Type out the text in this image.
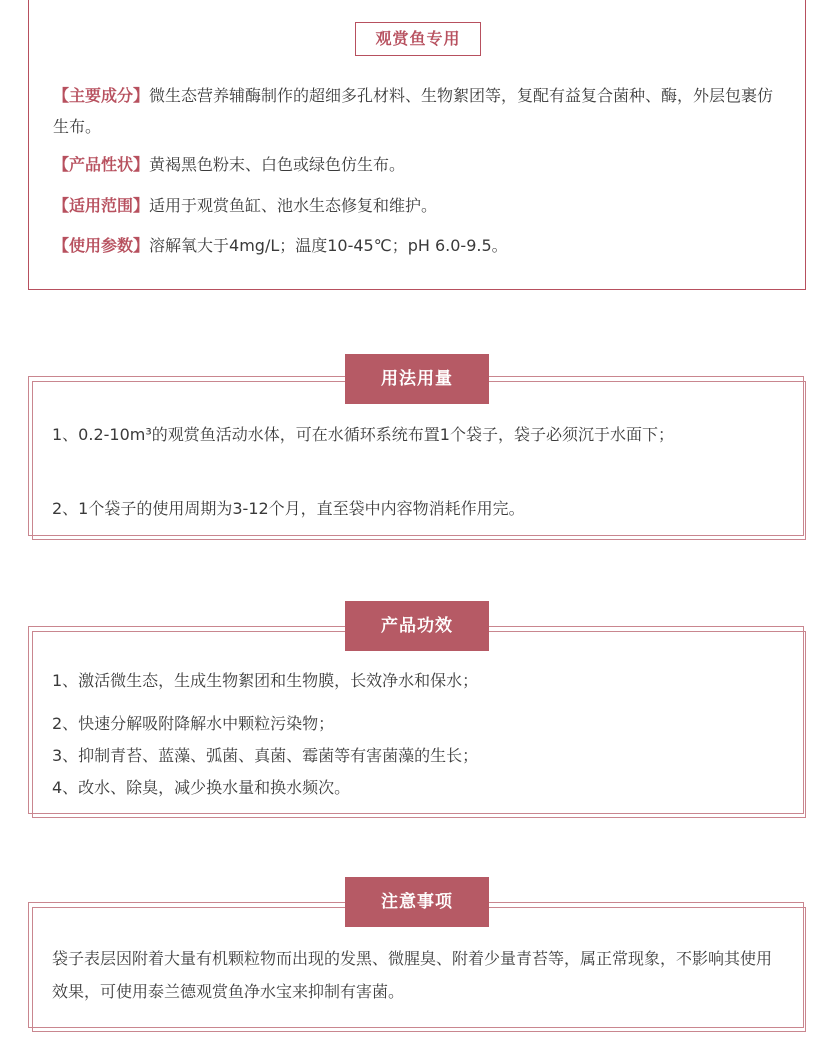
观赏鱼专用

【主要成分】微生态营养辅酶制作的超细多孔材料、生物絮团等，复配有益复合菌种、酶，外层包裹仿生布。

【产品性状】黄褐黑色粉末、白色或绿色仿生布。

【适用范围】适用于观赏鱼缸、池水生态修复和维护。

【使用参数】溶解氧大于4mg/L；温度10-45℃；pH 6.0-9.5。

用法用量

1、0.2-10m³的观赏鱼活动水体，可在水循环系统布置1个袋子，袋子必须沉于水面下；

2、1个袋子的使用周期为3-12个月，直至袋中内容物消耗作用完。

产品功效

1、激活微生态，生成生物絮团和生物膜，长效净水和保水；

2、快速分解吸附降解水中颗粒污染物；

3、抑制青苔、蓝藻、弧菌、真菌、霉菌等有害菌藻的生长；

4、改水、除臭，减少换水量和换水频次。

注意事项

袋子表层因附着大量有机颗粒物而出现的发黑、微腥臭、附着少量青苔等，属正常现象，不影响其使用效果，可使用泰兰德观赏鱼净水宝来抑制有害菌。
